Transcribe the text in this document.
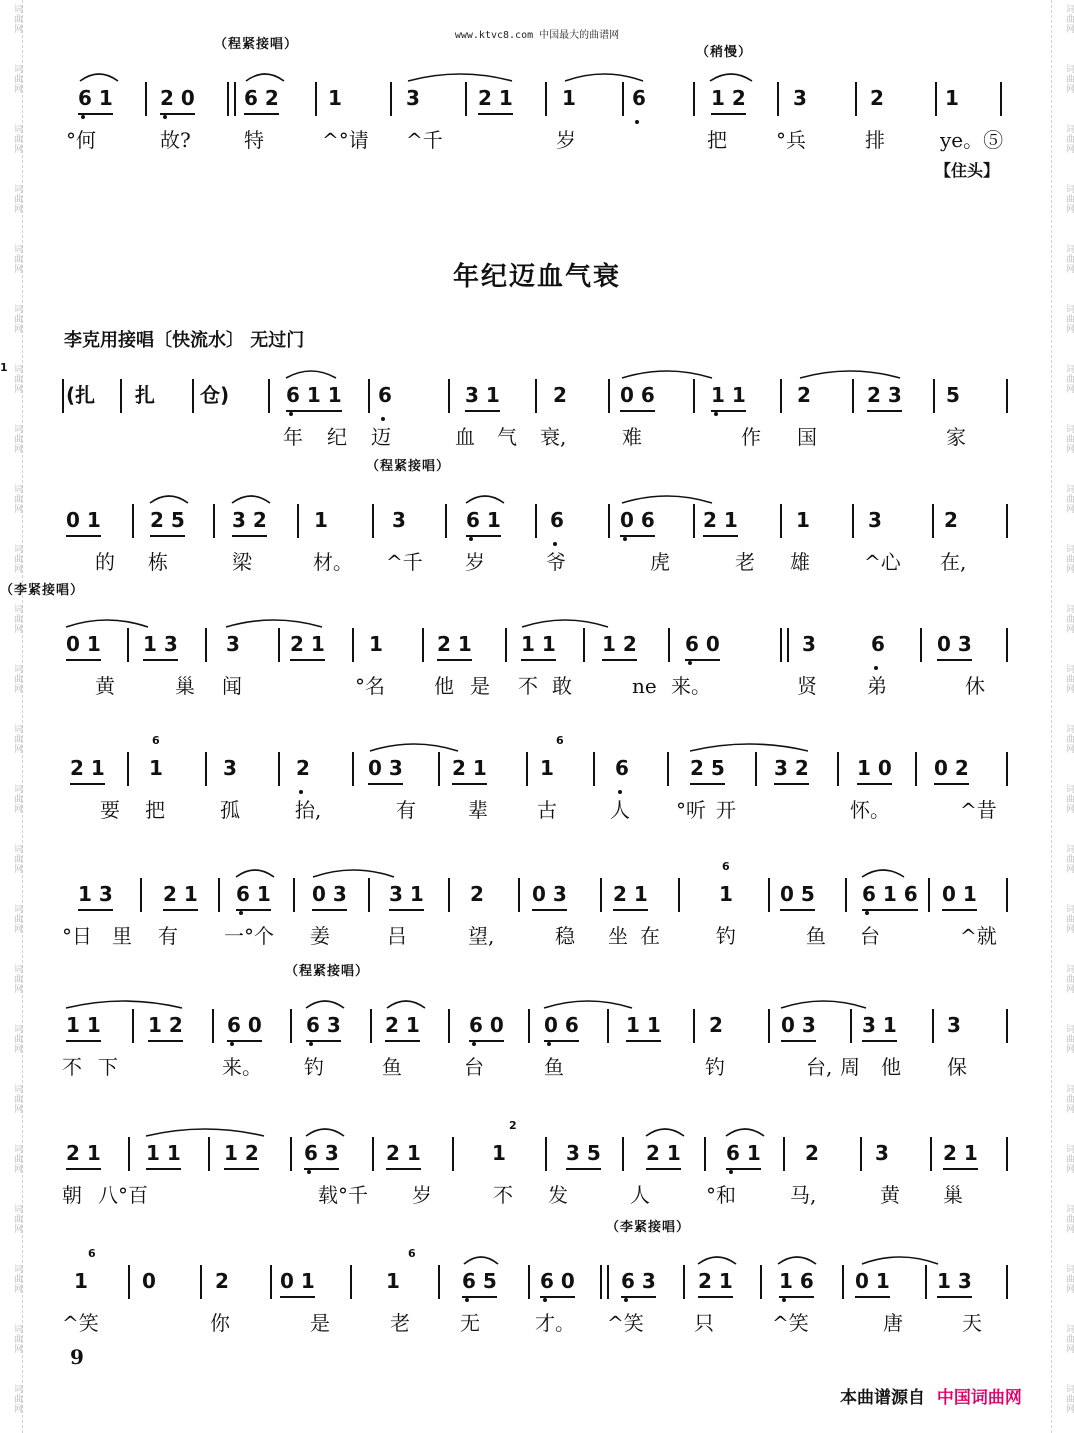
词曲网
词曲网
词曲网
词曲网
词曲网
词曲网
词曲网
词曲网
词曲网
词曲网
词曲网
词曲网
词曲网
词曲网
词曲网
词曲网
词曲网
词曲网
词曲网
词曲网
词曲网
词曲网
词曲网
词曲网
词曲网
词曲网
词曲网
词曲网
词曲网
词曲网
词曲网
词曲网
词曲网
词曲网
词曲网
词曲网
词曲网
词曲网
词曲网
词曲网
词曲网
词曲网
词曲网
词曲网
词曲网
词曲网
词曲网
词曲网
www.ktvc8.com 中国最大的曲谱网
年纪迈血气衰
李克用接唱〔快流水〕 无过门
【住头】
（程紧接唱）
（稍慢）
6 1 2 0 6 2 1	3	2 1 1	6	1 2 3	2	1
°何	故?	特	^°请 ^千	岁	把 °兵	排	ye。⑤
(扎 扎 仓)	6 1 1 6	3 1	2	0 6	1 1	2	2 3 5
1
年 纪 迈	血 气 衰,	难	作 国	家
（程紧接唱）
0 1 2 5 3 2 1	3	6 1 6	0 6 2 1	1	3	2
的 栋	梁	材。 ^千 岁	爷	虎	老 雄	^心 在,
（李紧接唱）
0 1 1 3 3	2 1 1	2 1 1 1 1 2 6 0	3	6	0 3
黄	巢 闻	°名 他 是 不 敢	ne 来。	贤	弟	休
2 1 1	3	2	0 3 2 1	1	6	2 5 3 2 1 0 0 2
6	6
要 把	孤	抬,	有	辈 古	人 °听 开	怀。	^昔
1 3	2 1 6 1 0 3 3 1 2 0 3 2 1	1 0 5 6 1 6 0 1
6
°日 里 有 一°个 姜	吕	望,	稳 坐 在	钓	鱼 台	^就
（程紧接唱）
1 1 1 2 6 0 6 3 2 1 6 0 0 6 1 1 2	0 3 3 1	3
不 下	来。 钓	鱼	台	鱼	钓	台, 他 保
周
2 1 1 1 1 2 6 3 2 1	1	3 5 2 1 6 1 2	3	2 1
2
朝 八°百	载°千 岁	不 发	人	°和	马,	黄 巢
（李紧接唱）
1	0	2	0 1	1	6 5 6 0 6 3 2 1 1 6 0 1 1 3
6	6
^笑	你	是	老	无	才。 ^笑	只	^笑	唐	天
9
本曲谱源自 中国词曲网
